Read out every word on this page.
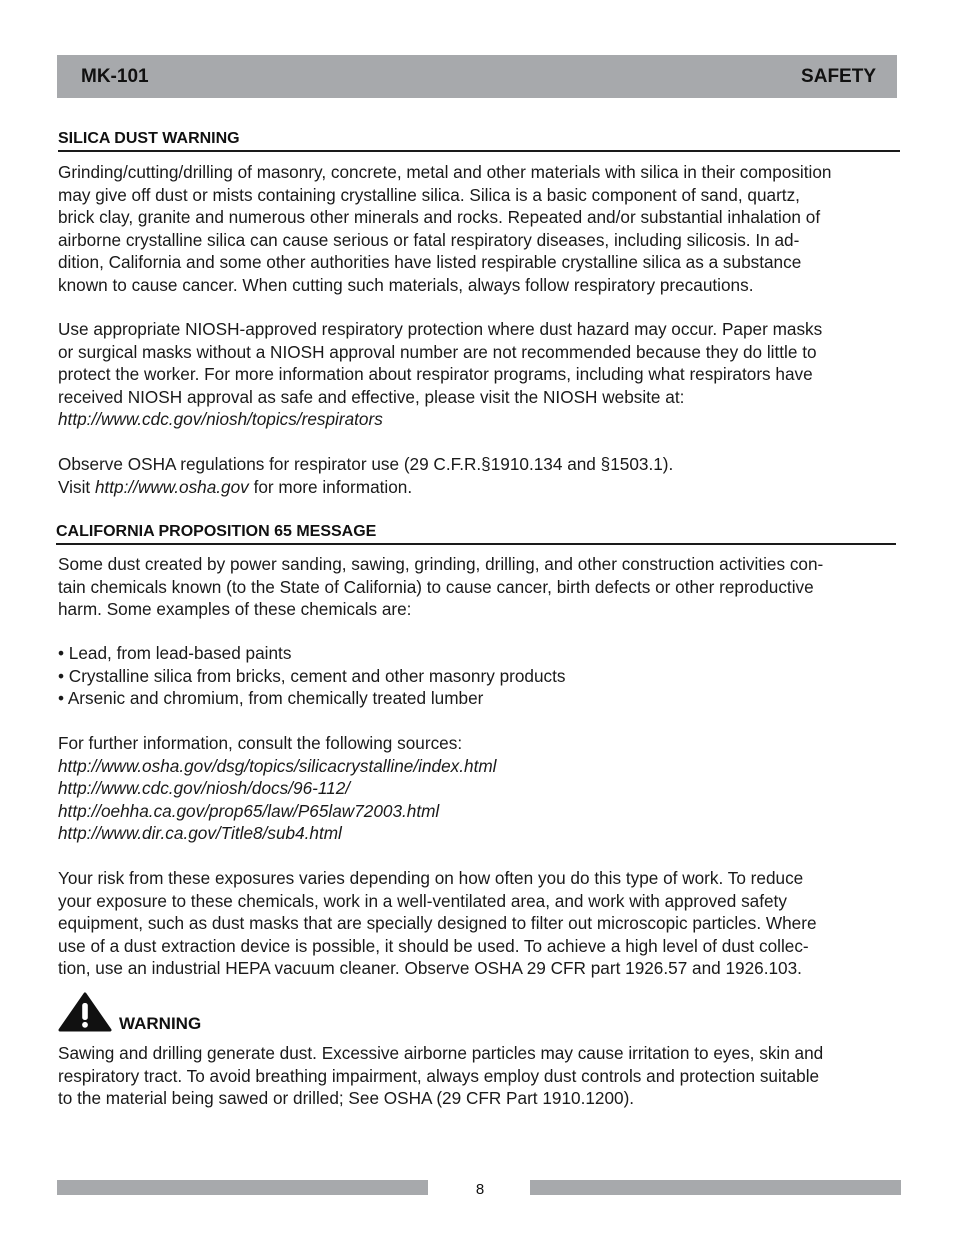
MK-101	SAFETY
SILICA DUST WARNING

Grinding/cutting/drilling of masonry, concrete, metal and other materials with silica in their composition

may give off dust or mists containing crystalline silica. Silica is a basic component of sand, quartz,

brick clay, granite and numerous other minerals and rocks. Repeated and/or substantial inhalation of

airborne crystalline silica can cause serious or fatal respiratory diseases, including silicosis. In ad-

dition, California and some other authorities have listed respirable crystalline silica as a substance

known to cause cancer. When cutting such materials, always follow respiratory precautions.

Use appropriate NIOSH-approved respiratory protection where dust hazard may occur. Paper masks

or surgical masks without a NIOSH approval number are not recommended because they do little to

protect the worker. For more information about respirator programs, including what respirators have

received NIOSH approval as safe and effective, please visit the NIOSH website at:

http://www.cdc.gov/niosh/topics/respirators

Observe OSHA regulations for respirator use (29 C.F.R.§1910.134 and §1503.1).

Visit http://www.osha.gov for more information.

CALIFORNIA PROPOSITION 65 MESSAGE

Some dust created by power sanding, sawing, grinding, drilling, and other construction activities con-

tain chemicals known (to the State of California) to cause cancer, birth defects or other reproductive

harm. Some examples of these chemicals are:

• Lead, from lead-based paints
• Crystalline silica from bricks, cement and other masonry products
• Arsenic and chromium, from chemically treated lumber

For further information, consult the following sources:

http://www.osha.gov/dsg/topics/silicacrystalline/index.html

http://www.cdc.gov/niosh/docs/96-112/

http://oehha.ca.gov/prop65/law/P65law72003.html

http://www.dir.ca.gov/Title8/sub4.html

Your risk from these exposures varies depending on how often you do this type of work. To reduce

your exposure to these chemicals, work in a well-ventilated area, and work with approved safety

equipment, such as dust masks that are specially designed to filter out microscopic particles. Where

use of a dust extraction device is possible, it should be used. To achieve a high level of dust collec-

tion, use an industrial HEPA vacuum cleaner. Observe OSHA 29 CFR part 1926.57 and 1926.103.

WARNING

Sawing and drilling generate dust. Excessive airborne particles may cause irritation to eyes, skin and

respiratory tract. To avoid breathing impairment, always employ dust controls and protection suitable

to the material being sawed or drilled; See OSHA (29 CFR Part 1910.1200).

8
